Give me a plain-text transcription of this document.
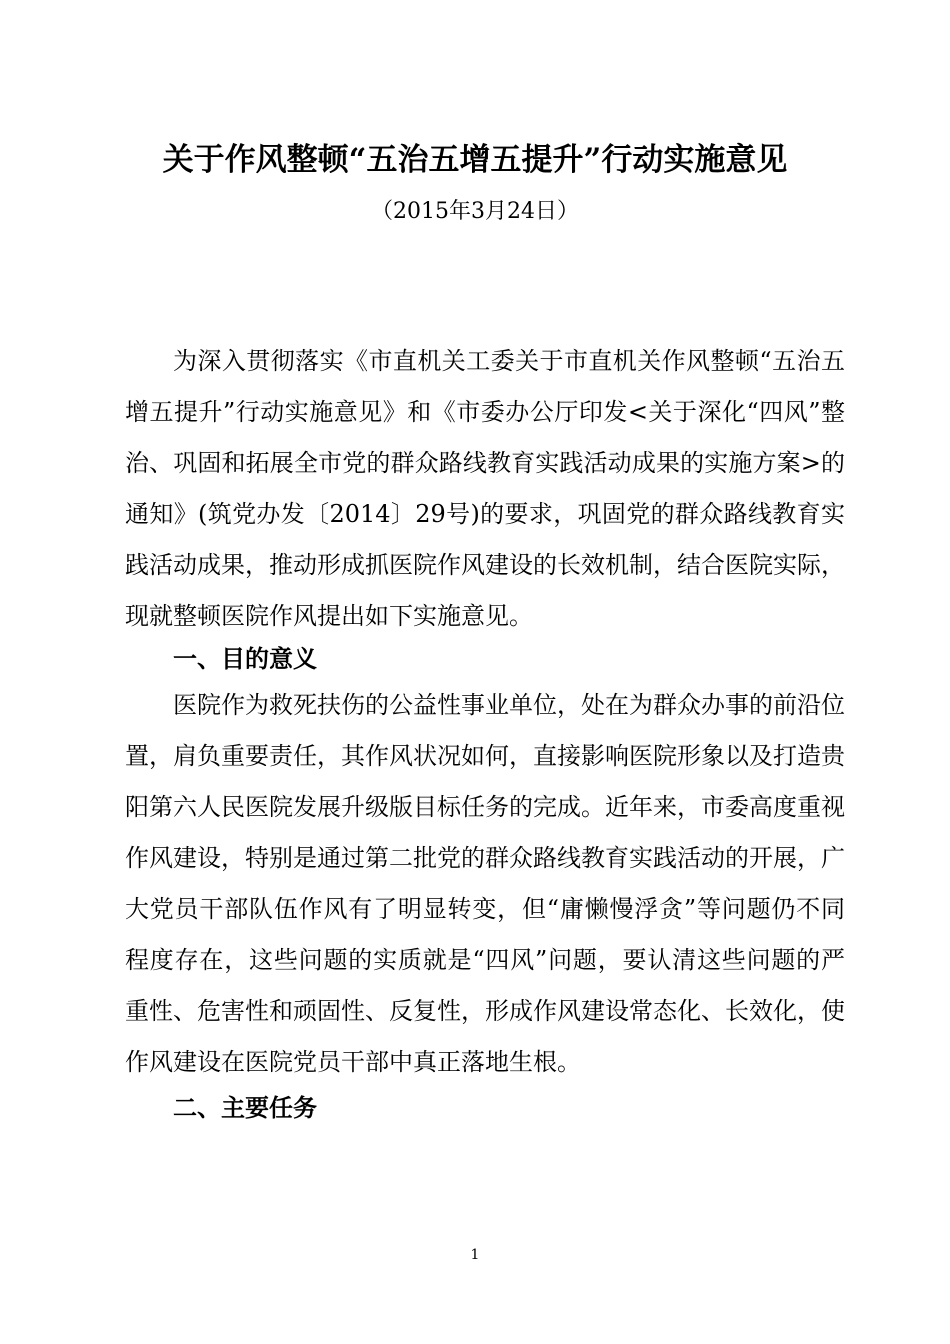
关于作风整顿“五治五增五提升”行动实施意见
（2015年3月24日）

为深入贯彻落实《市直机关工委关于市直机关作风整顿“五治五增五提升”行动实施意见》和《市委办公厅印发<关于深化“四风”整治、巩固和拓展全市党的群众路线教育实践活动成果的实施方案>的通知》(筑党办发〔2014〕29号)的要求，巩固党的群众路线教育实践活动成果，推动形成抓医院作风建设的长效机制，结合医院实际，现就整顿医院作风提出如下实施意见。

一、目的意义

医院作为救死扶伤的公益性事业单位，处在为群众办事的前沿位置，肩负重要责任，其作风状况如何，直接影响医院形象以及打造贵阳第六人民医院发展升级版目标任务的完成。近年来，市委高度重视作风建设，特别是通过第二批党的群众路线教育实践活动的开展，广大党员干部队伍作风有了明显转变，但“庸懒慢浮贪”等问题仍不同程度存在，这些问题的实质就是“四风”问题，要认清这些问题的严重性、危害性和顽固性、反复性，形成作风建设常态化、长效化，使作风建设在医院党员干部中真正落地生根。

二、主要任务
1
